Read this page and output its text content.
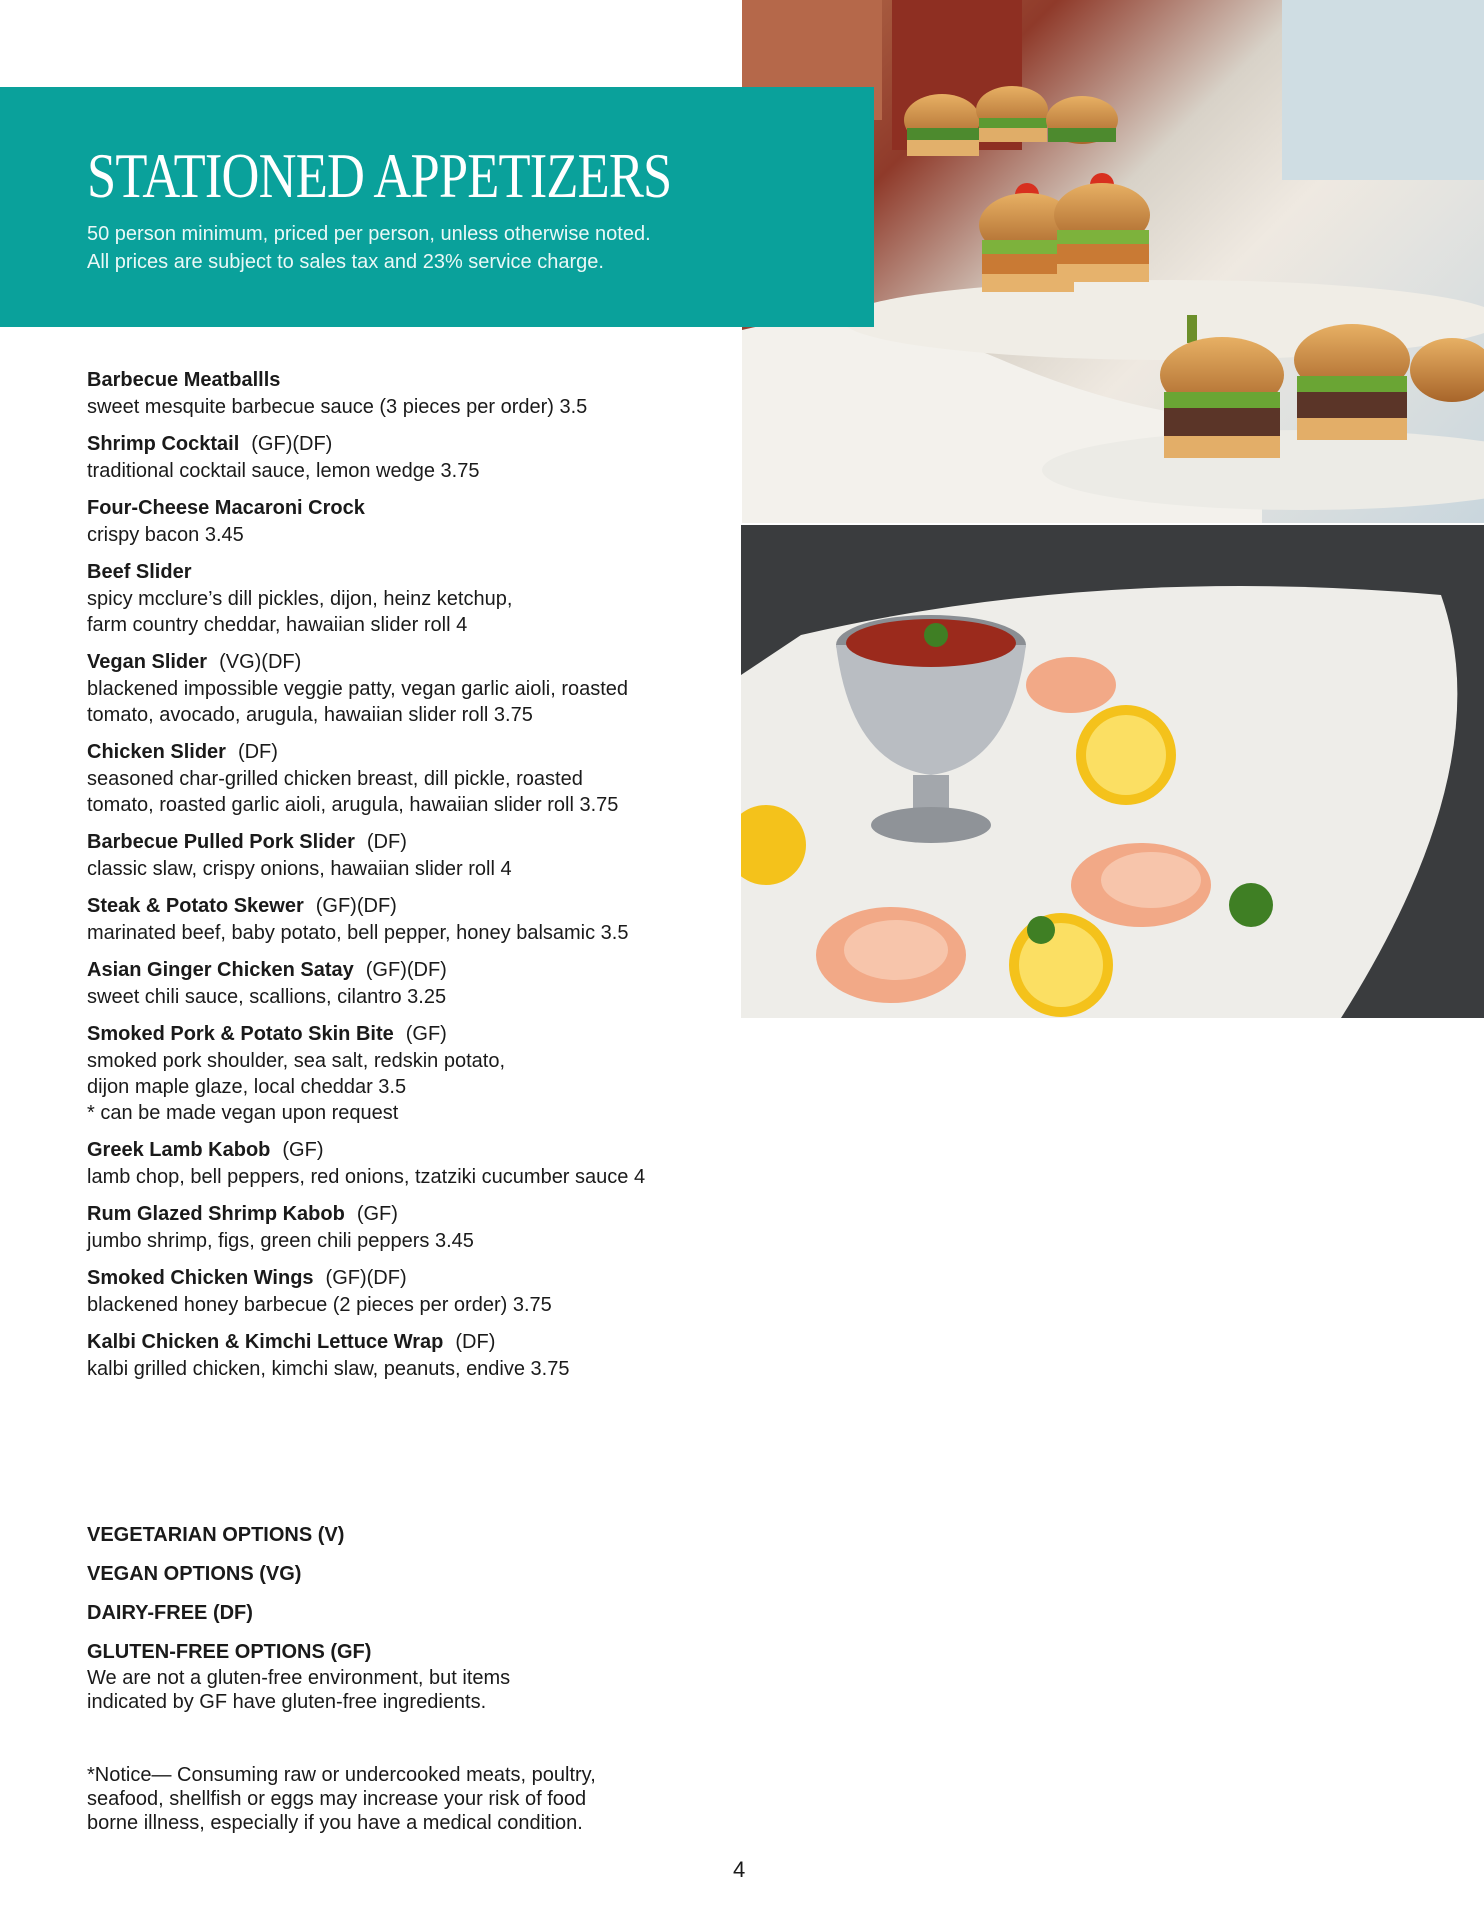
STATIONED APPETIZERS
50 person minimum, priced per person, unless otherwise noted.
All prices are subject to sales tax and 23% service charge.
Barbecue Meatballls
sweet mesquite barbecue sauce (3 pieces per order) 3.5
Shrimp Cocktail (GF)(DF)
traditional cocktail sauce, lemon wedge 3.75
Four-Cheese Macaroni Crock
crispy bacon 3.45
Beef Slider
spicy mcclure’s dill pickles, dijon, heinz ketchup,
farm country cheddar, hawaiian slider roll 4
Vegan Slider (VG)(DF)
blackened impossible veggie patty, vegan garlic aioli, roasted
tomato, avocado, arugula, hawaiian slider roll 3.75
Chicken Slider (DF)
seasoned char-grilled chicken breast, dill pickle, roasted
tomato, roasted garlic aioli, arugula, hawaiian slider roll 3.75
Barbecue Pulled Pork Slider (DF)
classic slaw, crispy onions, hawaiian slider roll 4
Steak & Potato Skewer (GF)(DF)
marinated beef, baby potato, bell pepper, honey balsamic 3.5
Asian Ginger Chicken Satay (GF)(DF)
sweet chili sauce, scallions, cilantro 3.25
Smoked Pork & Potato Skin Bite (GF)
smoked pork shoulder, sea salt, redskin potato,
dijon maple glaze, local cheddar 3.5
* can be made vegan upon request
Greek Lamb Kabob (GF)
lamb chop, bell peppers, red onions, tzatziki cucumber sauce 4
Rum Glazed Shrimp Kabob (GF)
jumbo shrimp, figs, green chili peppers 3.45
Smoked Chicken Wings (GF)(DF)
blackened honey barbecue (2 pieces per order) 3.75
Kalbi Chicken & Kimchi Lettuce Wrap (DF)
kalbi grilled chicken, kimchi slaw, peanuts, endive 3.75
VEGETARIAN OPTIONS (V)
VEGAN OPTIONS (VG)
DAIRY-FREE (DF)
GLUTEN-FREE OPTIONS (GF)
We are not a gluten-free environment, but items
indicated by GF have gluten-free ingredients.
*Notice— Consuming raw or undercooked meats, poultry,
seafood, shellfish or eggs may increase your risk of food
borne illness, especially if you have a medical condition.
4
